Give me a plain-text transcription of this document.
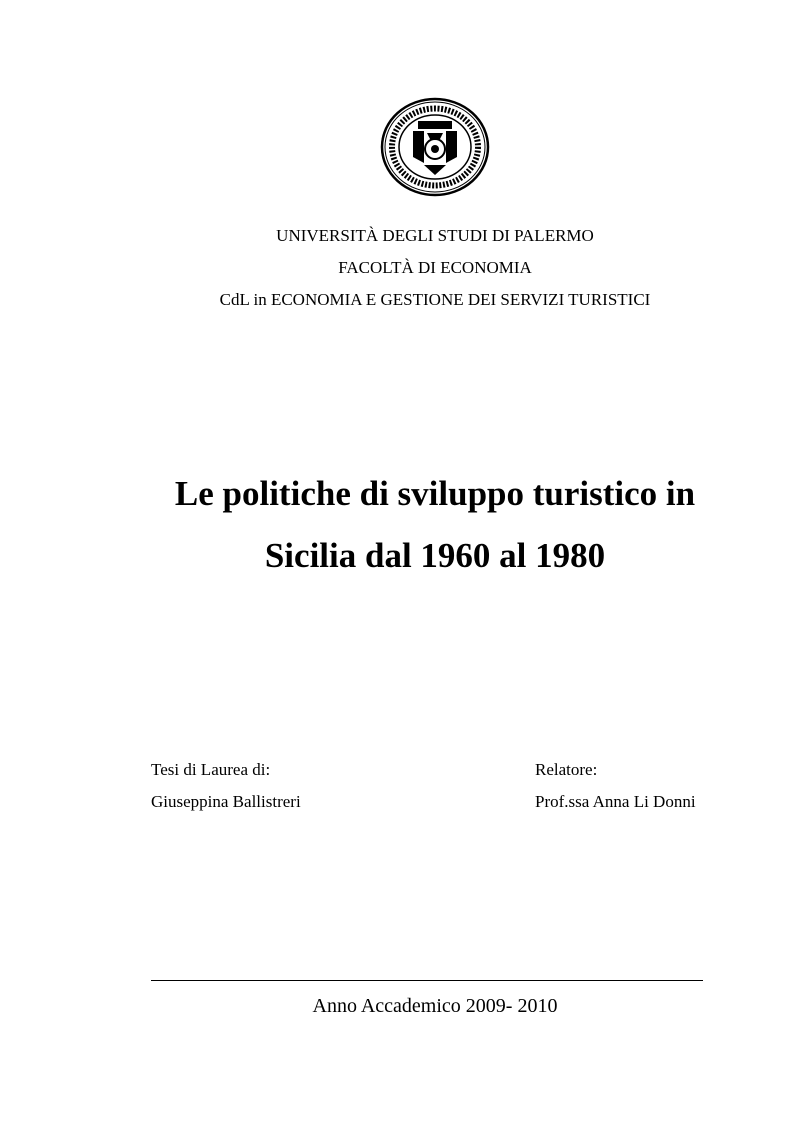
UNIVERSITÀ DEGLI STUDI DI PALERMO
FACOLTÀ DI ECONOMIA
CdL in ECONOMIA E GESTIONE DEI SERVIZI TURISTICI
Le politiche di sviluppo turistico in
Sicilia dal 1960 al 1980
Tesi di Laurea di:
Giuseppina Ballistreri
Relatore:
Prof.ssa Anna Li Donni
Anno Accademico 2009- 2010
